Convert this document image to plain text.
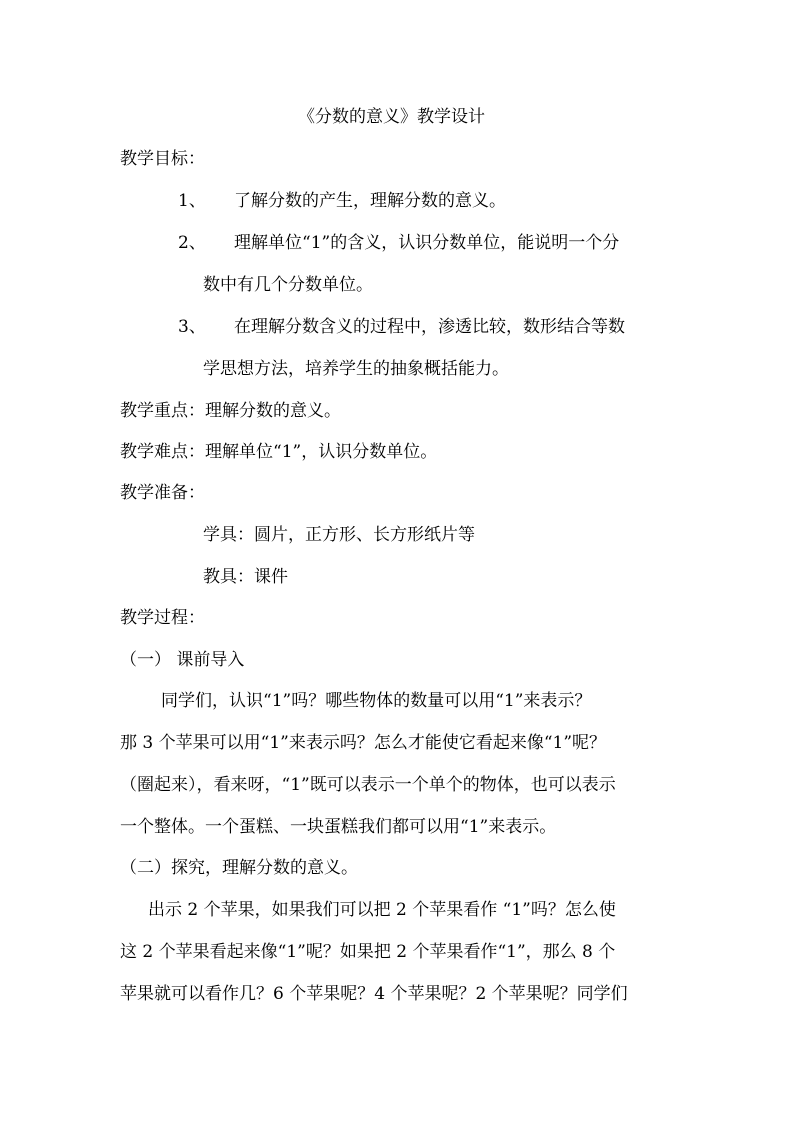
《分数的意义》教学设计
教学目标：
1、 了解分数的产生，理解分数的意义。
2、 理解单位“1”的含义，认识分数单位，能说明一个分
数中有几个分数单位。
3、 在理解分数含义的过程中，渗透比较，数形结合等数
学思想方法，培养学生的抽象概括能力。
教学重点：理解分数的意义。
教学难点：理解单位“1”，认识分数单位。
教学准备：
学具：圆片，正方形、长方形纸片等
教具：课件
教学过程：
（一） 课前导入
同学们，认识“1”吗？哪些物体的数量可以用“1”来表示？
那 3 个苹果可以用“1”来表示吗？怎么才能使它看起来像“1”呢？
（圈起来），看来呀，“1”既可以表示一个单个的物体，也可以表示
一个整体。一个蛋糕、一块蛋糕我们都可以用“1”来表示。
（二）探究，理解分数的意义。
出示 2 个苹果，如果我们可以把 2 个苹果看作 “1”吗？怎么使
这 2 个苹果看起来像“1”呢？如果把 2 个苹果看作“1”，那么 8 个
苹果就可以看作几？6 个苹果呢？4 个苹果呢？2 个苹果呢？同学们
